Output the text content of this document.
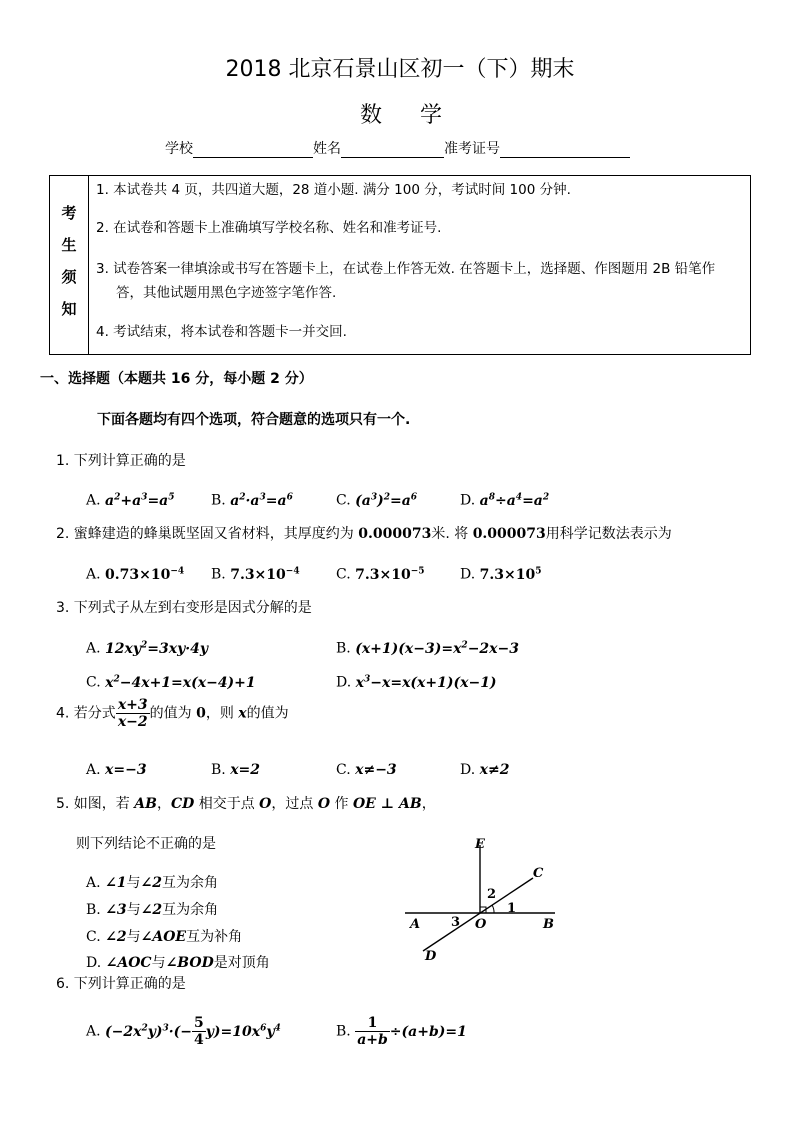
2018 北京石景山区初一（下）期末
数学
学校	姓名	准考证号
考
生
须
知
1. 本试卷共 4 页，共四道大题，28 道小题. 满分 100 分，考试时间 100 分钟.
2. 在试卷和答题卡上准确填写学校名称、姓名和准考证号.
3. 试卷答案一律填涂或书写在答题卡上，在试卷上作答无效. 在答题卡上，选择题、作图题用 2B 铅笔作
答，其他试题用黑色字迹签字笔作答.
4. 考试结束，将本试卷和答题卡一并交回.
一、选择题（本题共 16 分，每小题 2 分）
下面各题均有四个选项，符合题意的选项只有一个.
1. 下列计算正确的是
A. $a^2+a^3=a^5$	B. $a^2\cdot a^3=a^6$	C. $(a^3)^2=a^6$	D. $a^8\div a^4=a^2$
2. 蜜蜂建造的蜂巢既坚固又省材料，其厚度约为 0.000073米. 将 0.000073用科学记数法表示为
A. $0.73\times 10^{-4}$ B. $7.3\times 10^{-4}$	C. $7.3\times 10^{-5}$	D. $7.3\times 10^5$
3. 下列式子从左到右变形是因式分解的是
A. $12xy^2=3xy\cdot 4y$	B. $(x+1)(x-3)=x^2-2x-3$
C. $x^2-4x+1=x(x-4)+1$	D. $x^3-x=x(x+1)(x-1)$
4. 若分式 $\frac{x+3}{x-2}$ 的值为 0，则 x的值为
A. x=−3	B. x=2	C. x≠−3	D. x≠2
5. 如图，若 AB，CD 相交于点 O，过点 O 作 OE ⊥ AB，
则下列结论不正确的是
A. ∠1与∠2互为余角
B. ∠3与∠2互为余角
C. ∠2与∠AOE互为补角
D. ∠AOC与∠BOD是对顶角
E
C
A	B
D
O
1
2
3
6. 下列计算正确的是
A. $(-2x^2y)^3\cdot(- \frac{5}{4} y)=10x^6y^4$	B. $\frac{1}{a+b} \div(a+b)=1$
